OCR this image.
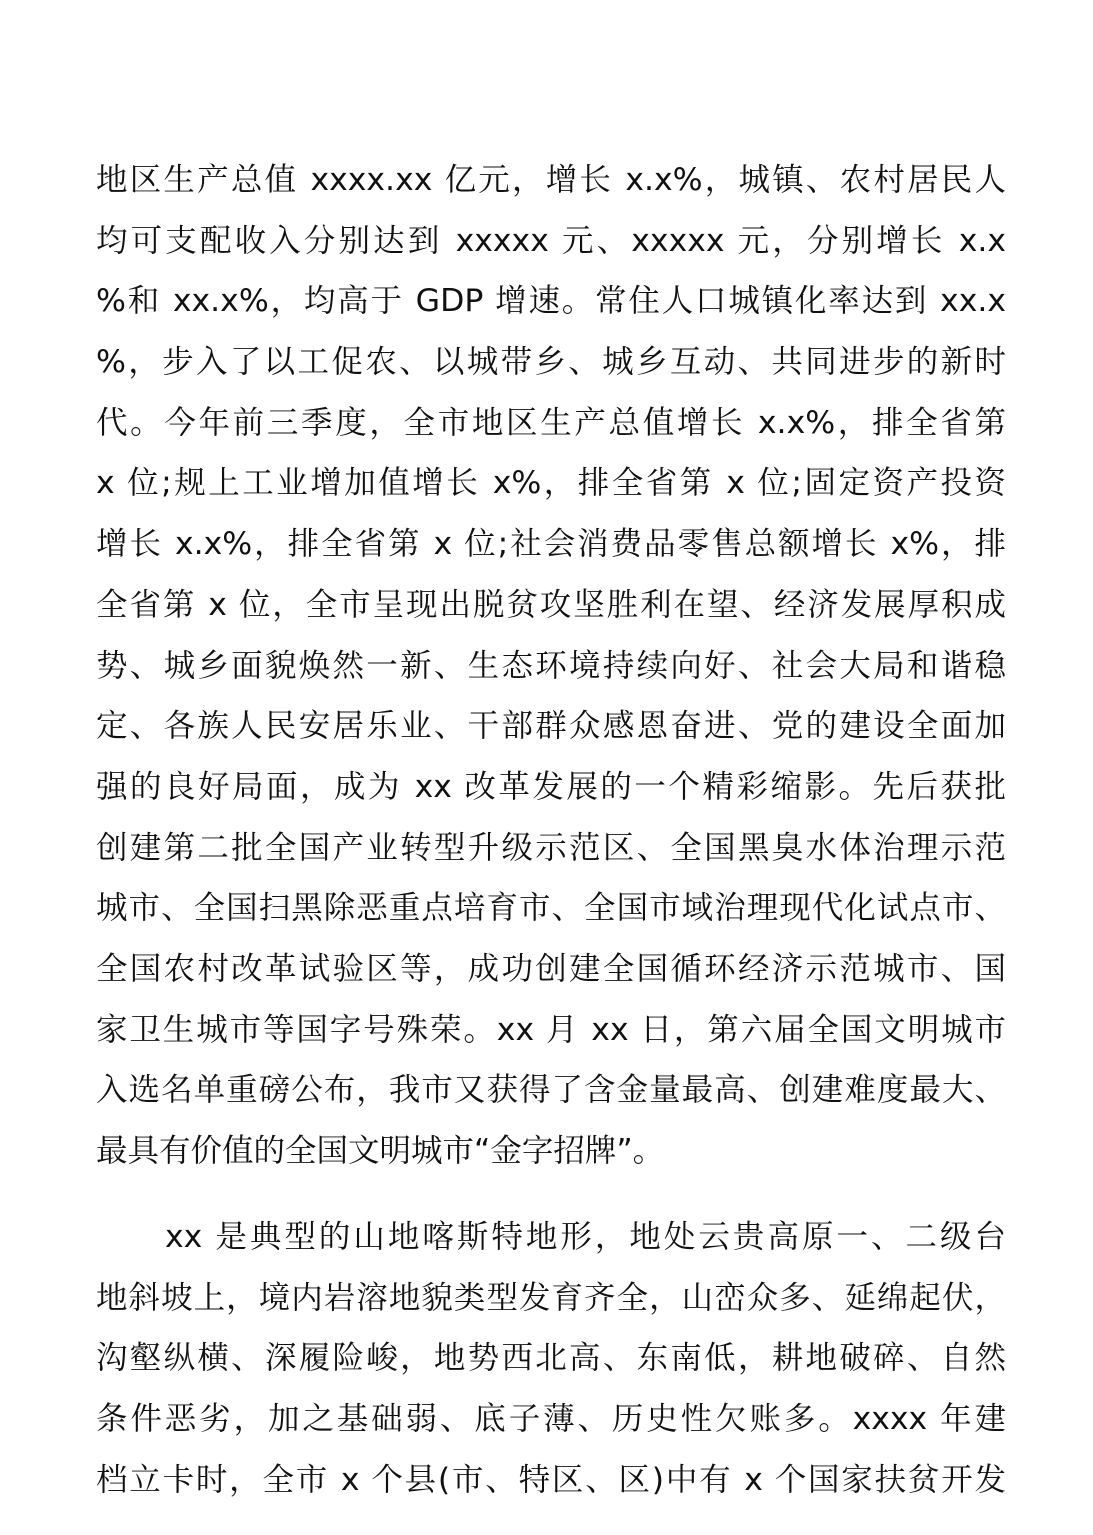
地区生产总值 xxxx.xx 亿元，增长 x.x%，城镇、农村居民人
均可支配收入分别达到 xxxxx 元、xxxxx 元，分别增长 x.x
%和 xx.x%，均高于 GDP 增速。常住人口城镇化率达到 xx.x
%，步入了以工促农、以城带乡、城乡互动、共同进步的新时
代。今年前三季度，全市地区生产总值增长 x.x%，排全省第
x 位;规上工业增加值增长 x%，排全省第 x 位;固定资产投资
增长 x.x%，排全省第 x 位;社会消费品零售总额增长 x%，排
全省第 x 位，全市呈现出脱贫攻坚胜利在望、经济发展厚积成
势、城乡面貌焕然一新、生态环境持续向好、社会大局和谐稳
定、各族人民安居乐业、干部群众感恩奋进、党的建设全面加
强的良好局面，成为 xx 改革发展的一个精彩缩影。先后获批
创建第二批全国产业转型升级示范区、全国黑臭水体治理示范
城市、全国扫黑除恶重点培育市、全国市域治理现代化试点市、
全国农村改革试验区等，成功创建全国循环经济示范城市、国
家卫生城市等国字号殊荣。xx 月 xx 日，第六届全国文明城市
入选名单重磅公布，我市又获得了含金量最高、创建难度最大、
最具有价值的全国文明城市“金字招牌”。
　　xx 是典型的山地喀斯特地形，地处云贵高原一、二级台
地斜坡上，境内岩溶地貌类型发育齐全，山峦众多、延绵起伏，
沟壑纵横、深履险峻，地势西北高、东南低，耕地破碎、自然
条件恶劣，加之基础弱、底子薄、历史性欠账多。xxxx 年建
档立卡时，全市 x 个县(市、特区、区)中有 x 个国家扶贫开发
